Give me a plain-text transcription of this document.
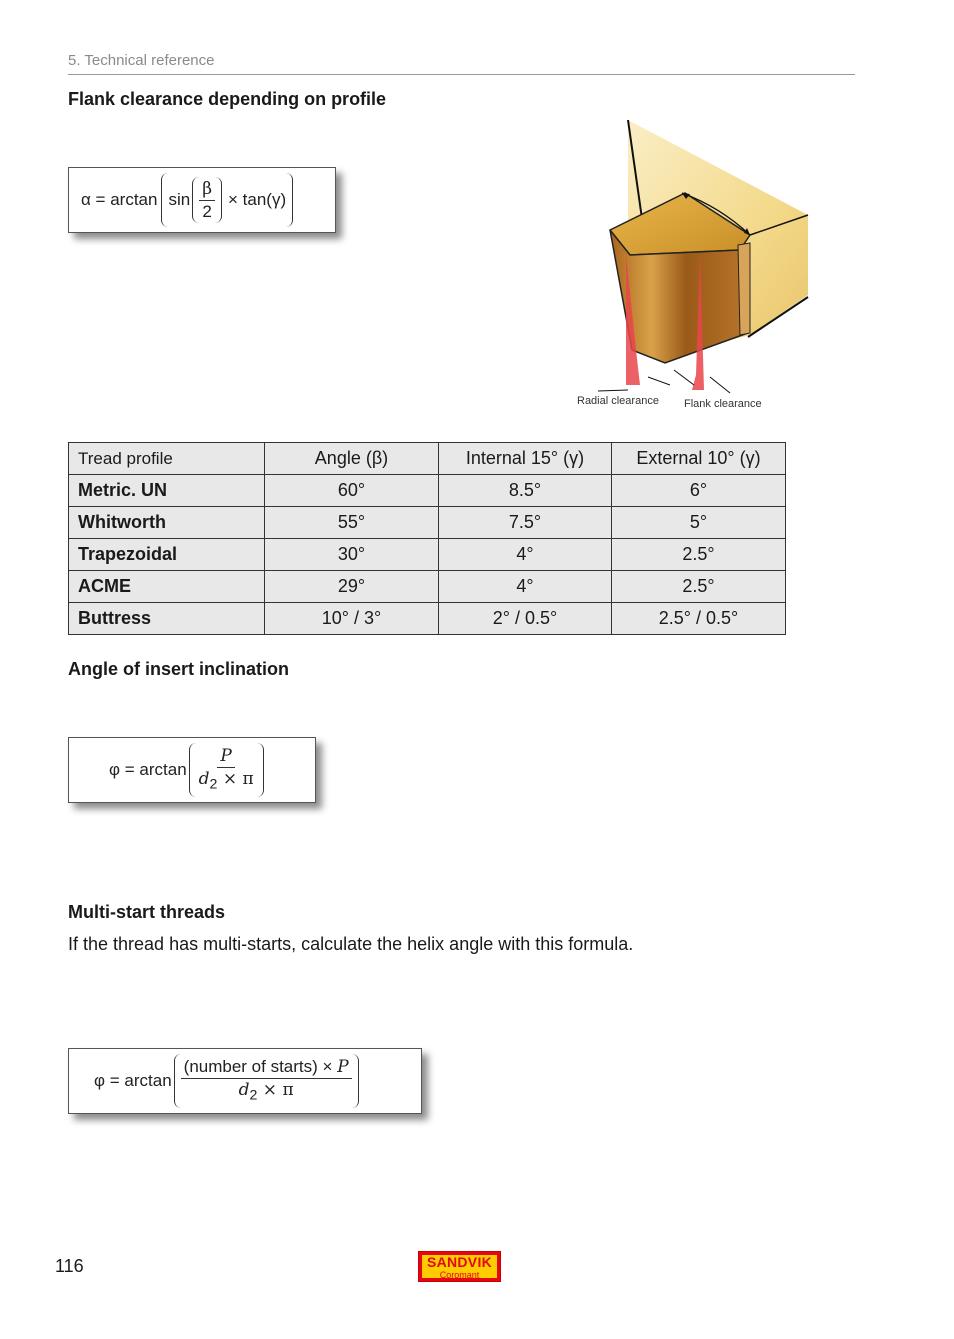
5. Technical reference
Flank clearance depending on profile
$\alpha = \arctan \sin \frac{\beta}{2} \times \tan(\gamma)$
Radial clearance Flank clearance
Tread profile	Angle (β)	Internal 15° (γ)	External 10° (γ)
Metric. UN	60°	8.5°	6°
Whitworth	55°	7.5°	5°
Trapezoidal	30°	4°	2.5°
ACME	29°	4°	2.5°
Buttress	10° / 3°	2° / 0.5°	2.5° / 0.5°
Angle of insert inclination
$\varphi = \arctan \frac{P}{d_2 \times \pi}$
Multi-start threads
If the thread has multi-starts, calculate the helix angle with this formula.
$\varphi = \arctan \frac{\text{(number of starts) × P}}{d_2 \times \pi}$
116	SANDVIK
Coromant
